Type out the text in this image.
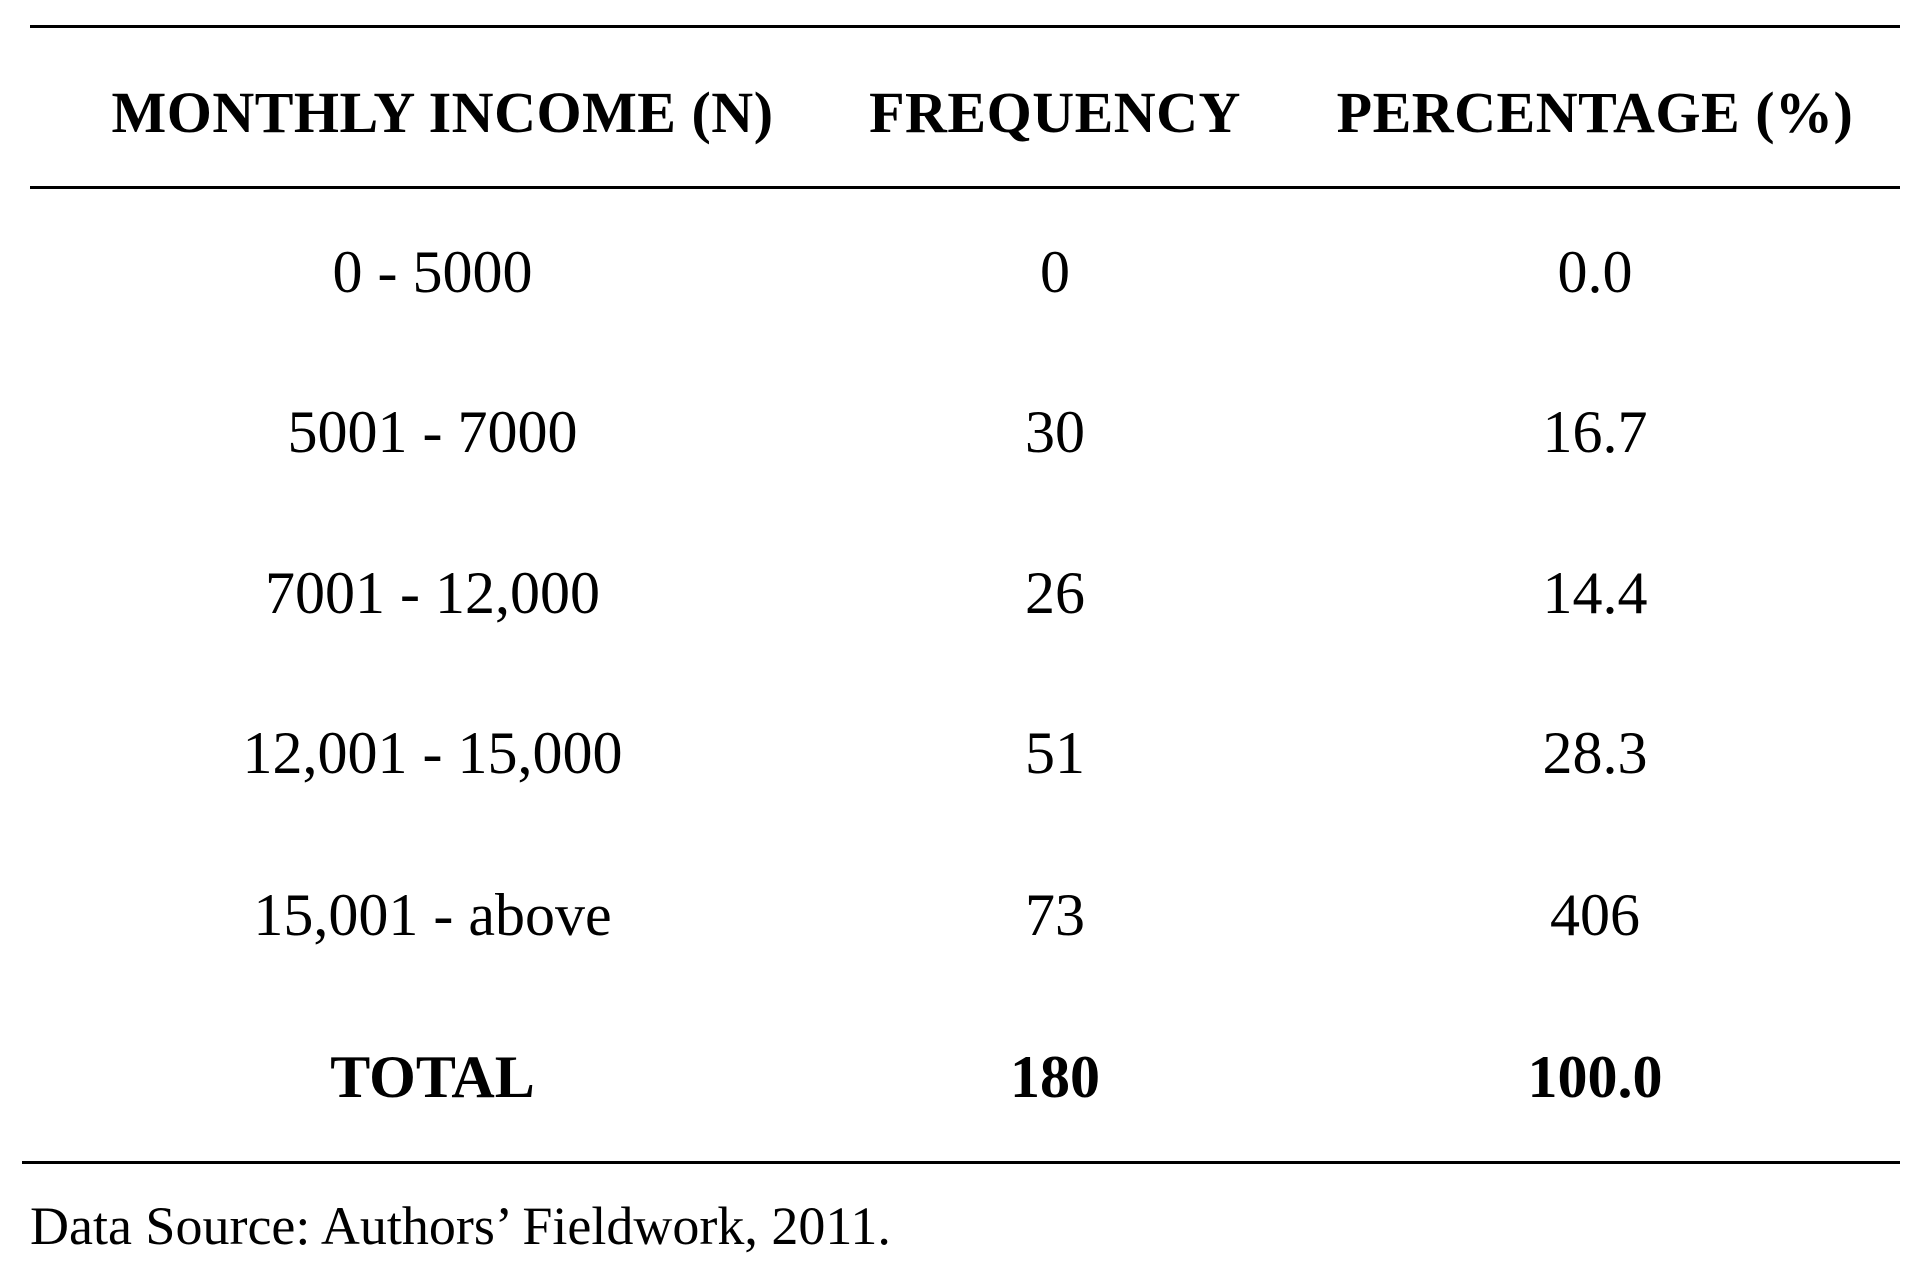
MONTHLY INCOME (N)	FREQUENCY	PERCENTAGE (%)
0 - 5000	0	0.0
5001 - 7000	30	16.7
7001 - 12,000	26	14.4
12,001 - 15,000	51	28.3
15,001 - above	73	406
TOTAL	180	100.0
Data Source: Authors’ Fieldwork, 2011.
